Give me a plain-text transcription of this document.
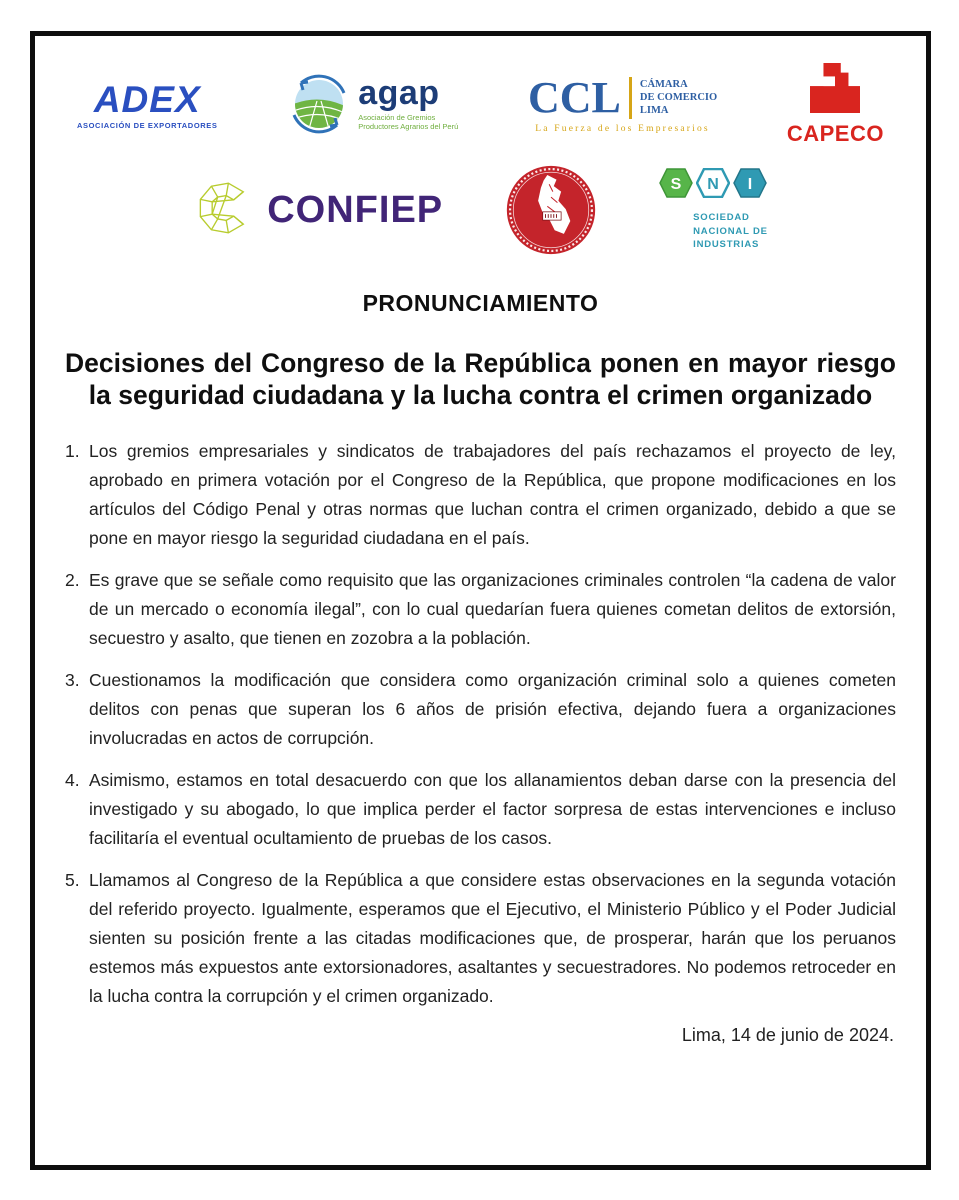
ADEX
ASOCIACIÓN DE EXPORTADORES
agap
Asociación de Gremios
Productores Agrarios del Perú
CCL CÁMARA
DE COMERCIO
LIMA
La Fuerza de los Empresarios	CAPECO
CONFIEP
S N I
SOCIEDAD
NACIONAL DE
INDUSTRIAS
PRONUNCIAMIENTO
Decisiones del Congreso de la República ponen en mayor riesgo la seguridad ciudadana y la lucha contra el crimen organizado
1. Los gremios empresariales y sindicatos de trabajadores del país rechazamos el proyecto de ley, aprobado en primera votación por el Congreso de la República, que propone modificaciones en los artículos del Código Penal y otras normas que luchan contra el crimen organizado, debido a que se pone en mayor riesgo la seguridad ciudadana en el país.
2. Es grave que se señale como requisito que las organizaciones criminales controlen “la cadena de valor de un mercado o economía ilegal”, con lo cual quedarían fuera quienes cometan delitos de extorsión, secuestro y asalto, que tienen en zozobra a la población.
3. Cuestionamos la modificación que considera como organización criminal solo a quienes cometen delitos con penas que superan los 6 años de prisión efectiva, dejando fuera a organizaciones involucradas en actos de corrupción.
4. Asimismo, estamos en total desacuerdo con que los allanamientos deban darse con la presencia del investigado y su abogado, lo que implica perder el factor sorpresa de estas intervenciones e incluso facilitaría el eventual ocultamiento de pruebas de los casos.
5. Llamamos al Congreso de la República a que considere estas observaciones en la segunda votación del referido proyecto. Igualmente, esperamos que el Ejecutivo, el Ministerio Público y el Poder Judicial sienten su posición frente a las citadas modificaciones que, de prosperar, harán que los peruanos estemos más expuestos ante extorsionadores, asaltantes y secuestradores. No podemos retroceder en la lucha contra la corrupción y el crimen organizado.
Lima, 14 de junio de 2024.
